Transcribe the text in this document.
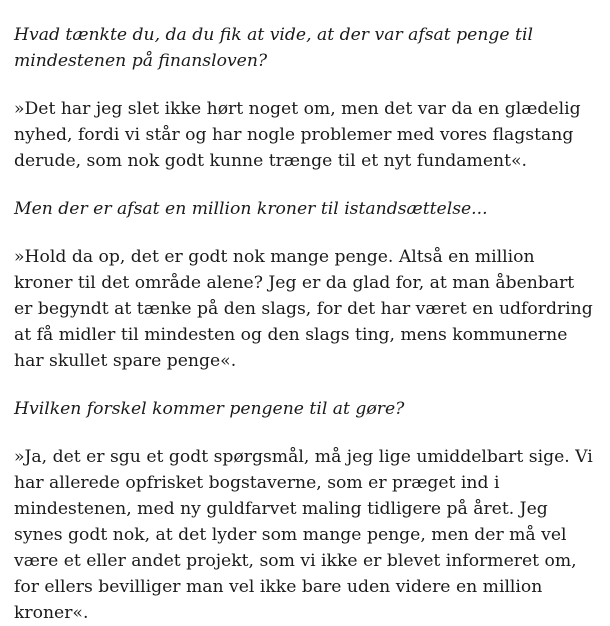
Hvad tænkte du, da du fik at vide, at der var afsat penge til mindestenen på finansloven?

»Det har jeg slet ikke hørt noget om, men det var da en glædelig nyhed, fordi vi står og har nogle problemer med vores flagstang derude, som nok godt kunne trænge til et nyt fundament«.

Men der er afsat en million kroner til istandsættelse...

»Hold da op, det er godt nok mange penge. Altså en million kroner til det område alene? Jeg er da glad for, at man åbenbart er begyndt at tænke på den slags, for det har været en udfordring at få midler til mindesten og den slags ting, mens kommunerne har skullet spare penge«.

Hvilken forskel kommer pengene til at gøre?

»Ja, det er sgu et godt spørgsmål, må jeg lige umiddelbart sige. Vi har allerede opfrisket bogstaverne, som er præget ind i mindestenen, med ny guldfarvet maling tidligere på året. Jeg synes godt nok, at det lyder som mange penge, men der må vel være et eller andet projekt, som vi ikke er blevet informeret om, for ellers bevilliger man vel ikke bare uden videre en million kroner«.
